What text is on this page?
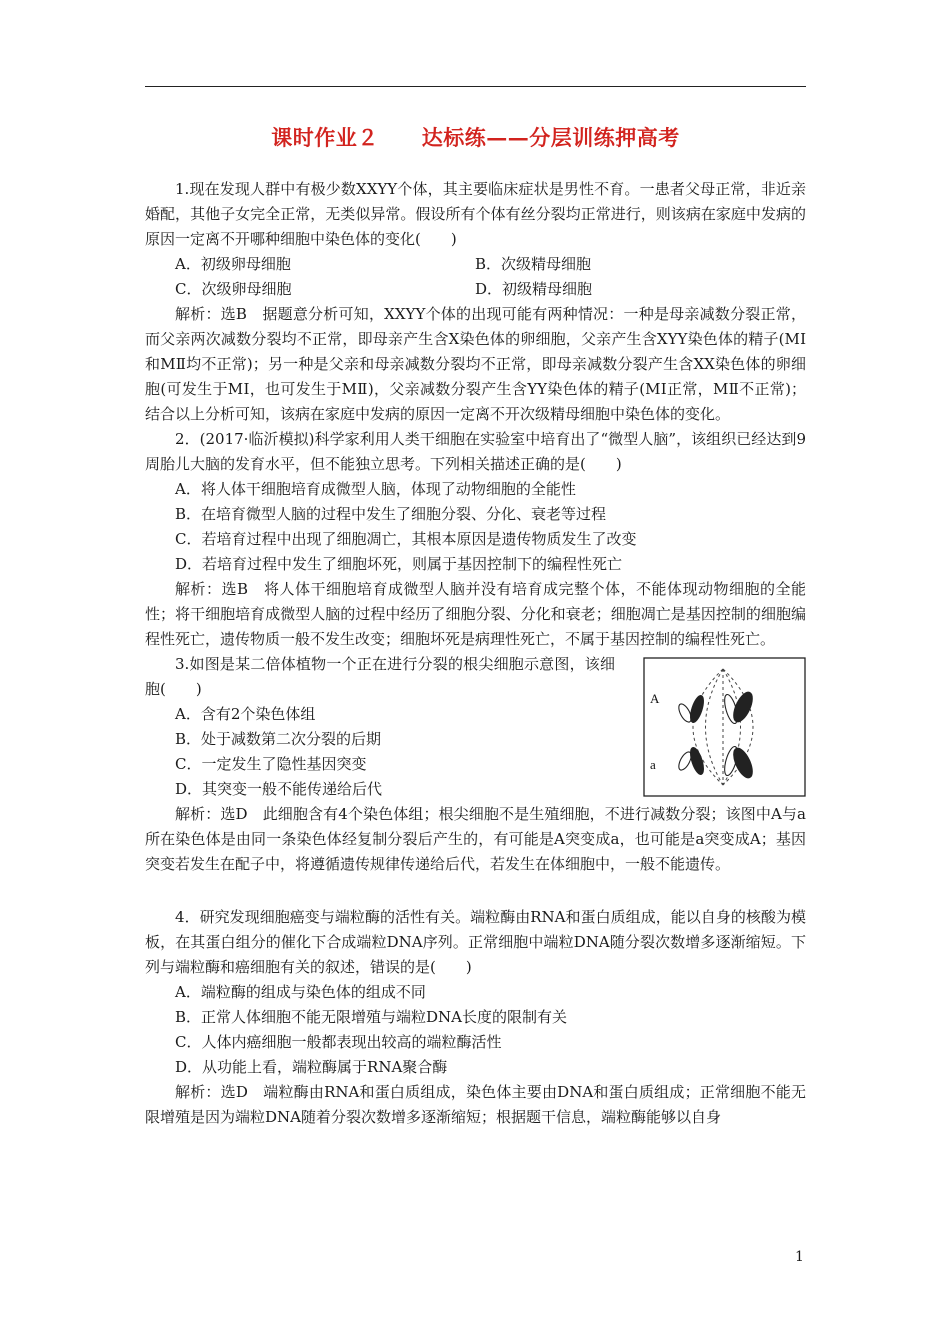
课时作业２　　达标练——分层训练押高考

1.现在发现人群中有极少数XXYY个体，其主要临床症状是男性不育。一患者父母正常，非近亲婚配，其他子女完全正常，无类似异常。假设所有个体有丝分裂均正常进行，则该病在家庭中发病的原因一定离不开哪种细胞中染色体的变化(　　)

A．初级卵母细胞	B．次级精母细胞
C．次级卵母细胞	D．初级精母细胞

解析：选B　据题意分析可知，XXYY个体的出现可能有两种情况：一种是母亲减数分裂正常，而父亲两次减数分裂均不正常，即母亲产生含X染色体的卵细胞，父亲产生含XYY染色体的精子(MⅠ和MⅡ均不正常)；另一种是父亲和母亲减数分裂均不正常，即母亲减数分裂产生含XX染色体的卵细胞(可发生于MⅠ，也可发生于MⅡ)，父亲减数分裂产生含YY染色体的精子(MⅠ正常，MⅡ不正常)；结合以上分析可知，该病在家庭中发病的原因一定离不开次级精母细胞中染色体的变化。

2．(2017·临沂模拟)科学家利用人类干细胞在实验室中培育出了“微型人脑”，该组织已经达到9周胎儿大脑的发育水平，但不能独立思考。下列相关描述正确的是(　　)

A．将人体干细胞培育成微型人脑，体现了动物细胞的全能性

B．在培育微型人脑的过程中发生了细胞分裂、分化、衰老等过程

C．若培育过程中出现了细胞凋亡，其根本原因是遗传物质发生了改变

D．若培育过程中发生了细胞坏死，则属于基因控制下的编程性死亡

解析：选B　将人体干细胞培育成微型人脑并没有培育成完整个体，不能体现动物细胞的全能性；将干细胞培育成微型人脑的过程中经历了细胞分裂、分化和衰老；细胞凋亡是基因控制的细胞编程性死亡，遗传物质一般不发生改变；细胞坏死是病理性死亡，不属于基因控制的编程性死亡。

3.如图是某二倍体植物一个正在进行分裂的根尖细胞示意图，该细胞(　　)

A．含有2个染色体组

B．处于减数第二次分裂的后期

C．一定发生了隐性基因突变

D．其突变一般不能传递给后代

A
a

解析：选D　此细胞含有4个染色体组；根尖细胞不是生殖细胞，不进行减数分裂；该图中A与a所在染色体是由同一条染色体经复制分裂后产生的，有可能是A突变成a，也可能是a突变成A；基因突变若发生在配子中，将遵循遗传规律传递给后代，若发生在体细胞中，一般不能遗传。

4．研究发现细胞癌变与端粒酶的活性有关。端粒酶由RNA和蛋白质组成，能以自身的核酸为模板，在其蛋白组分的催化下合成端粒DNA序列。正常细胞中端粒DNA随分裂次数增多逐渐缩短。下列与端粒酶和癌细胞有关的叙述，错误的是(　　)

A．端粒酶的组成与染色体的组成不同

B．正常人体细胞不能无限增殖与端粒DNA长度的限制有关

C．人体内癌细胞一般都表现出较高的端粒酶活性

D．从功能上看，端粒酶属于RNA聚合酶

解析：选D　端粒酶由RNA和蛋白质组成，染色体主要由DNA和蛋白质组成；正常细胞不能无限增殖是因为端粒DNA随着分裂次数增多逐渐缩短；根据题干信息，端粒酶能够以自身

1
